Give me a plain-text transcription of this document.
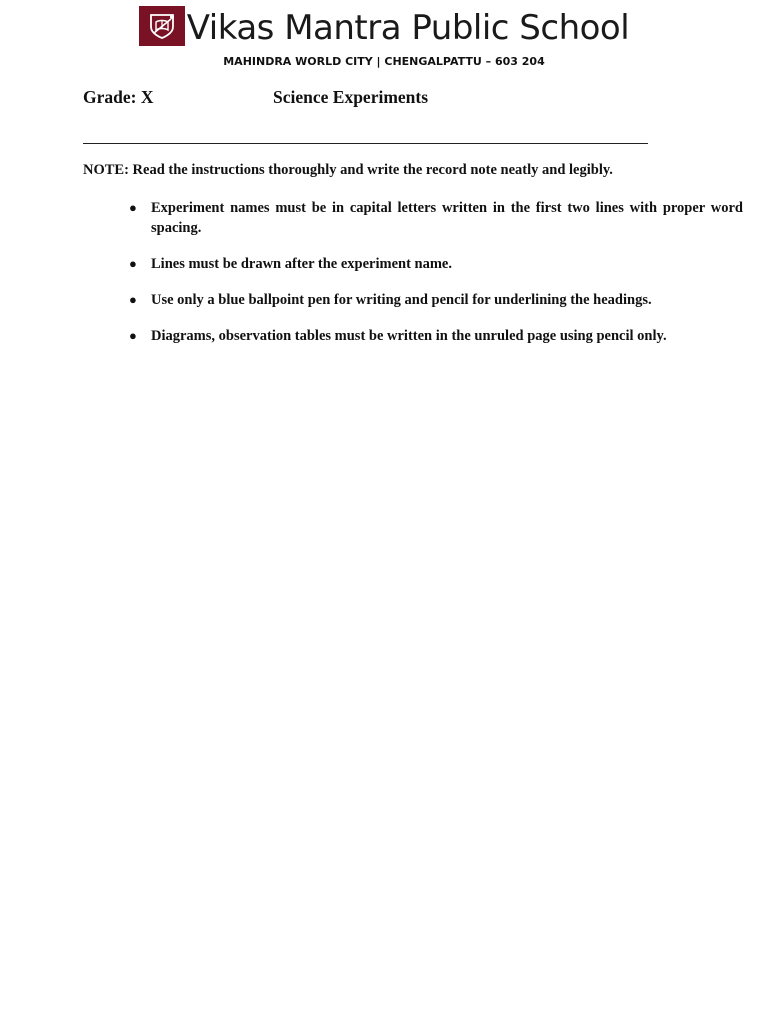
Vikas Mantra Public School
MAHINDRA WORLD CITY | CHENGALPATTU – 603 204
Grade: X	Science Experiments
NOTE: Read the instructions thoroughly and write the record note neatly and legibly.
● Experiment names must be in capital letters written in the first two lines with proper word spacing.
● Lines must be drawn after the experiment name.
● Use only a blue ballpoint pen for writing and pencil for underlining the headings.
● Diagrams, observation tables must be written in the unruled page using pencil only.
